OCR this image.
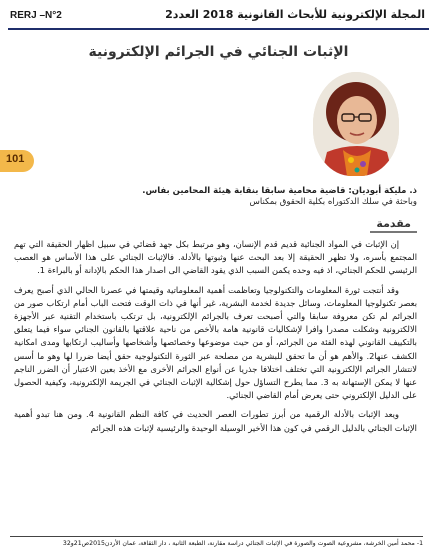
RERJ –N°2	المجلة الإلكترونية للأبحاث القانونية 2018 العدد2
الإثبات الجنائي في الجرائم الإلكترونية
101
ذ. مليكة أبوديان: قاضية محامية سابقا بنقابة هيئة المحامين بفاس.
وباحثة في سلك الدكتوراه بكلية الحقوق بمكناس
مقدمة

إن الإثبات في المواد الجنائية قديم قدم الإنسان، وهو مرتبط بكل جهد قضائي في سبيل اظهار الحقيقة التي تهم المجتمع بأسره، ولا تظهر الحقيقة إلا بعد البحث عنها وثبوتها بالأدلة. فالإثبات الجنائي على هذا الأساس هو العصب الرئيسي للحكم الجنائي، اذ فيه وحده يكمن السبب الذي يقود القاضي الى اصدار هذا الحكم بالإدانة أو بالبراءة 1.

وقد أنتجت ثورة المعلومات والتكنولوجيا وتعاظمت أهمية المعلوماتية وقيمتها في عصرنا الحالي الذي أصبح يعرف بعصر تكنولوجيا المعلومات، وسائل جديدة لخدمة البشرية، غير أنها في ذات الوقت فتحت الباب أمام ارتكاب صور من الجرائم لم تكن معروفة سابقا والتي أصبحت تعرف بالجرائم الإلكترونية، بل ترتكب باستخدام التقنية عبر الأجهزة الالكترونية وشكلت مصدرا وافرا لإشكاليات قانونية هامة بالأخص من ناحية علاقتها بالقانون الجنائي سواء فيما يتعلق بالتكييف القانوني لهذه الفئة من الجرائم، أو من حيث موضوعها وخصائصها وأشخاصها وأساليب ارتكابها ومدى امكانية الكشف عنها2. والأهم هو أن ما تحقق للبشرية من مصلحة عبر الثورة التكنولوجية حقق أيضا ضررا لها وهو ما أسس لانتشار الجرائم الإلكترونية التي تختلف اختلافا جذريا عن أنواع الجرائم الأخرى مع الأخذ بعين الاعتبار أن الضرر الناجم عنها لا يمكن الإستهانة به 3. مما يطرح التساؤل حول إشكالية الإثبات الجنائي في الجريمة الإلكترونية، وكيفية الحصول على الدليل الإلكتروني حتى يعرض أمام القاضي الجنائي.

ويعد الإثبات بالأدلة الرقمية من أبرز تطورات العصر الحديث في كافة النظم القانونية 4. ومن هنا تبدو أهمية الإثبات الجنائي بالدليل الرقمي في كون هذا الأخير الوسيلة الوحيدة والرئيسية لإثبات هذه الجرائم

1- محمد أمين الخرشة، مشروعية الصوت والصورة في الإثبات الجنائي دراسة مقارنة، الطبعة الثانية ، دار الثقافة، عمان الأردن2015ص21و32
